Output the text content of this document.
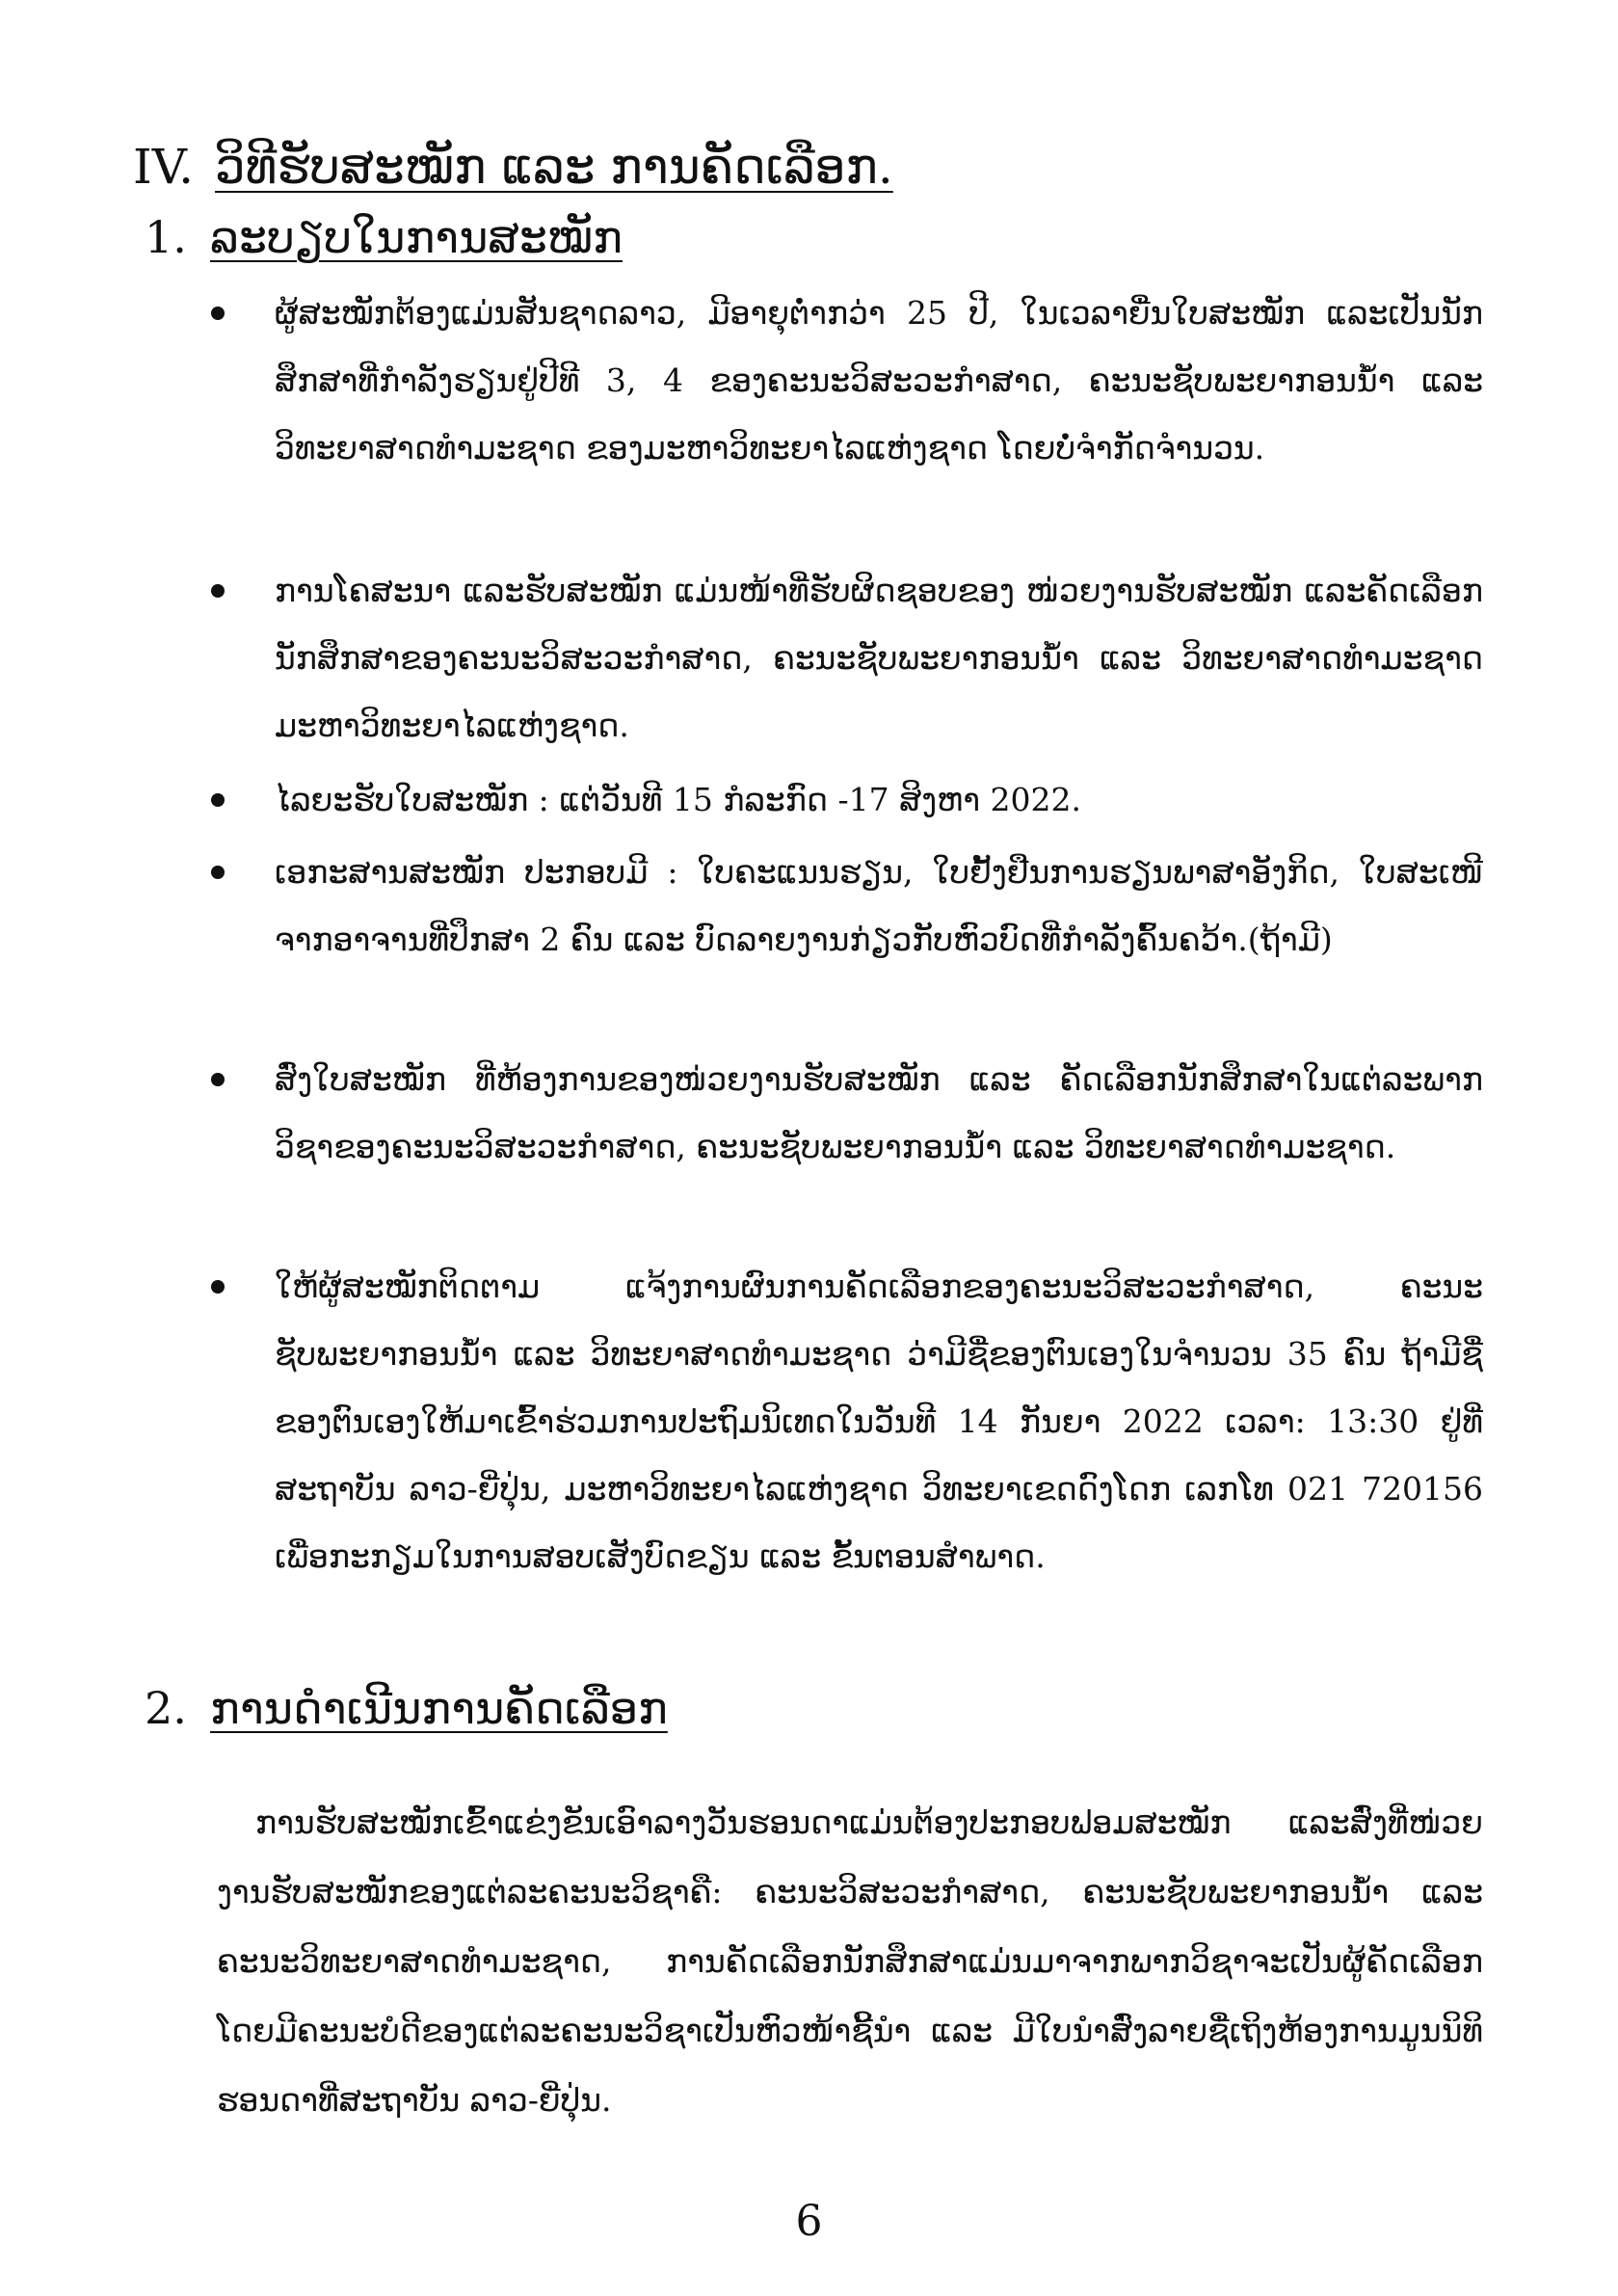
IV. ວິທີຮັບສະໝັກ ແລະ ການຄັດເລືອກ.
1. ລະບຽບໃນການສະໝັກ
ຜູ້ສະໝັກຕ້ອງແມ່ນສັນຊາດລາວ, ມີອາຍຸຕໍ່າກວ່າ 25 ປີ, ໃນເວລາຍື່ນໃບສະໝັກ ແລະເປັນນັກສຶກສາທີ່ກຳລັງຮຽນຢູ່ປີທີ 3, 4 ຂອງຄະນະວິສະວະກຳສາດ, ຄະນະຊັບພະຍາກອນນ້ຳ ແລະ ວິທະຍາສາດທຳມະຊາດ ຂອງມະຫາວິທະຍາໄລແຫ່ງຊາດ ໂດຍບໍ່ຈຳກັດຈຳນວນ.
ການໂຄສະນາ ແລະຮັບສະໝັກ ແມ່ນໜ້າທີ່ຮັບຜິດຊອບຂອງ ໜ່ວຍງານຮັບສະໝັກ ແລະຄັດເລືອກນັກສຶກສາຂອງຄະນະວິສະວະກຳສາດ, ຄະນະຊັບພະຍາກອນນ້ຳ ແລະ ວິທະຍາສາດທຳມະຊາດ ມະຫາວິທະຍາໄລແຫ່ງຊາດ.
ໄລຍະຮັບໃບສະໝັກ : ແຕ່ວັນທີ 15 ກໍລະກົດ -17 ສິງຫາ 2022.
ເອກະສານສະໝັກ ປະກອບມີ : ໃບຄະແນນຮຽນ, ໃບຢັ້ງຢືນການຮຽນພາສາອັງກິດ, ໃບສະເໜີຈາກອາຈານທີ່ປຶກສາ 2 ຄົນ ແລະ ບົດລາຍງານກ່ຽວກັບຫົວບົດທີ່ກຳລັງຄົ້ນຄວ້າ.(ຖ້າມີ)
ສົ່ງໃບສະໝັກ ທີ່ຫ້ອງການຂອງໜ່ວຍງານຮັບສະໝັກ ແລະ ຄັດເລືອກນັກສຶກສາໃນແຕ່ລະພາກວິຊາຂອງຄະນະວິສະວະກຳສາດ, ຄະນະຊັບພະຍາກອນນ້ຳ ແລະ ວິທະຍາສາດທຳມະຊາດ.
ໃຫ້ຜູ້ສະໝັກຕິດຕາມ ແຈ້ງການຜົນການຄັດເລືອກຂອງຄະນະວິສະວະກຳສາດ, ຄະນະຊັບພະຍາກອນນ້ຳ ແລະ ວິທະຍາສາດທຳມະຊາດ ວ່າມີຊື່ຂອງຕົນເອງໃນຈຳນວນ 35 ຄົນ ຖ້າມີຊື່ຂອງຕົນເອງໃຫ້ມາເຂົ້າຮ່ວມການປະຖົມນິເທດໃນວັນທີ 14 ກັນຍາ 2022 ເວລາ: 13:30 ຢູ່ທີ່ສະຖາບັນ ລາວ-ຍີ່ປຸ່ນ, ມະຫາວິທະຍາໄລແຫ່ງຊາດ ວິທະຍາເຂດດົງໂດກ ເລກໂທ 021 720156 ເພື່ອກະກຽມໃນການສອບເສັງບົດຂຽນ ແລະ ຂັ້ນຕອນສຳພາດ.
2. ການດຳເນີນການຄັດເລືອກ

ການຮັບສະໝັກເຂົ້າແຂ່ງຂັນເອົາລາງວັນຮອນດາແມ່ນຕ້ອງປະກອບຟອມສະໝັກ ແລະສົ່ງທີ່ໜ່ວຍງານຮັບສະໝັກຂອງແຕ່ລະຄະນະວິຊາຄື: ຄະນະວິສະວະກຳສາດ, ຄະນະຊັບພະຍາກອນນ້ຳ ແລະ ຄະນະວິທະຍາສາດທຳມະຊາດ, ການຄັດເລືອກນັກສຶກສາແມ່ນມາຈາກພາກວິຊາຈະເປັນຜູ້ຄັດເລືອກໂດຍມີຄະນະບໍດີຂອງແຕ່ລະຄະນະວິຊາເປັນຫົວໜ້າຊີ້ນຳ ແລະ ມີໃບນຳສົ່ງລາຍຊື່ເຖິງຫ້ອງການມູນນິທິຮອນດາທີ່ສະຖາບັນ ລາວ-ຍີ່ປຸ່ນ.

6
